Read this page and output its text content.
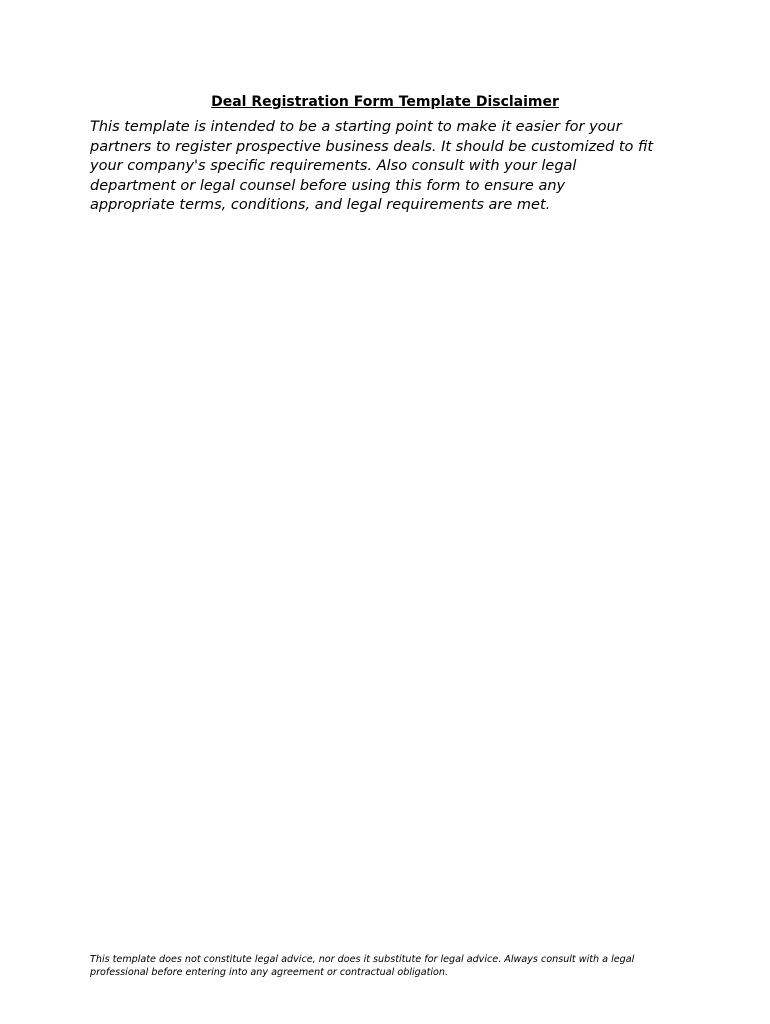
Deal Registration Form Template Disclaimer
This template is intended to be a starting point to make it easier for your
partners to register prospective business deals. It should be customized to fit
your company's specific requirements. Also consult with your legal
department or legal counsel before using this form to ensure any
appropriate terms, conditions, and legal requirements are met.
This template does not constitute legal advice, nor does it substitute for legal advice. Always consult with a legal
professional before entering into any agreement or contractual obligation.
